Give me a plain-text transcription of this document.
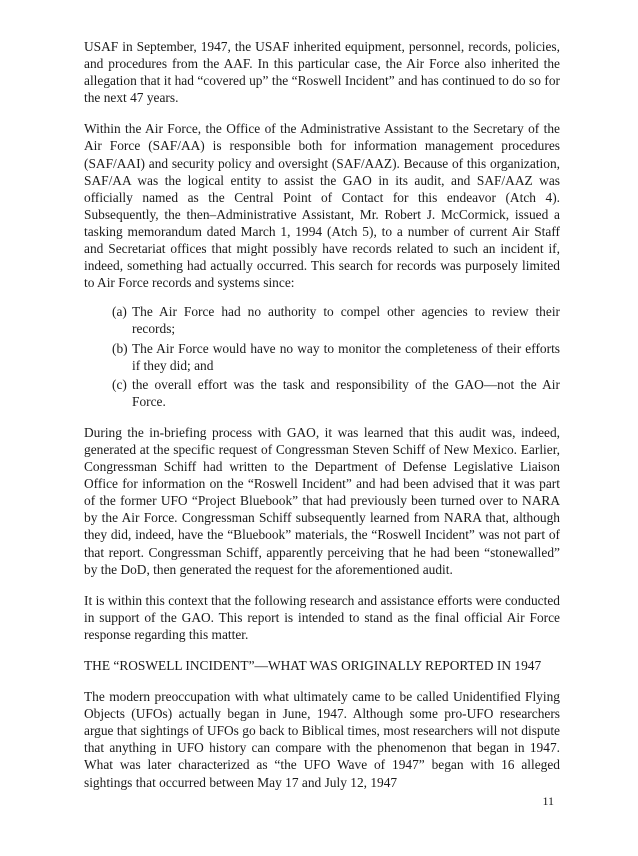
USAF in September, 1947, the USAF inherited equipment, personnel, records, policies, and procedures from the AAF. In this particular case, the Air Force also inherited the allegation that it had “covered up” the “Roswell Incident” and has continued to do so for the next 47 years.

Within the Air Force, the Office of the Administrative Assistant to the Secretary of the Air Force (SAF/AA) is responsible both for information management procedures (SAF/AAI) and security policy and oversight (SAF/AAZ). Because of this organization, SAF/AA was the logical entity to assist the GAO in its audit, and SAF/AAZ was officially named as the Central Point of Contact for this endeavor (Atch 4). Subsequently, the then–Administrative Assistant, Mr. Robert J. McCormick, issued a tasking memorandum dated March 1, 1994 (Atch 5), to a number of current Air Staff and Secretariat offices that might possibly have records related to such an incident if, indeed, something had actually occurred. This search for records was purposely limited to Air Force records and systems since:

(a) The Air Force had no authority to compel other agencies to review their records;
(b) The Air Force would have no way to monitor the completeness of their efforts if they did; and
(c) the overall effort was the task and responsibility of the GAO—not the Air Force.

During the in-briefing process with GAO, it was learned that this audit was, indeed, generated at the specific request of Congressman Steven Schiff of New Mexico. Earlier, Congressman Schiff had written to the Department of Defense Legislative Liaison Office for information on the “Roswell Incident” and had been advised that it was part of the former UFO “Project Bluebook” that had previously been turned over to NARA by the Air Force. Congressman Schiff subsequently learned from NARA that, although they did, indeed, have the “Bluebook” materials, the “Roswell Incident” was not part of that report. Congressman Schiff, apparently perceiving that he had been “stonewalled” by the DoD, then generated the request for the aforementioned audit.

It is within this context that the following research and assistance efforts were conducted in support of the GAO. This report is intended to stand as the final official Air Force response regarding this matter.

THE “ROSWELL INCIDENT”—WHAT WAS ORIGINALLY REPORTED IN 1947

The modern preoccupation with what ultimately came to be called Unidentified Flying Objects (UFOs) actually began in June, 1947. Although some pro-UFO researchers argue that sightings of UFOs go back to Biblical times, most researchers will not dispute that anything in UFO history can compare with the phenomenon that began in 1947. What was later characterized as “the UFO Wave of 1947” began with 16 alleged sightings that occurred between May 17 and July 12, 1947

11
